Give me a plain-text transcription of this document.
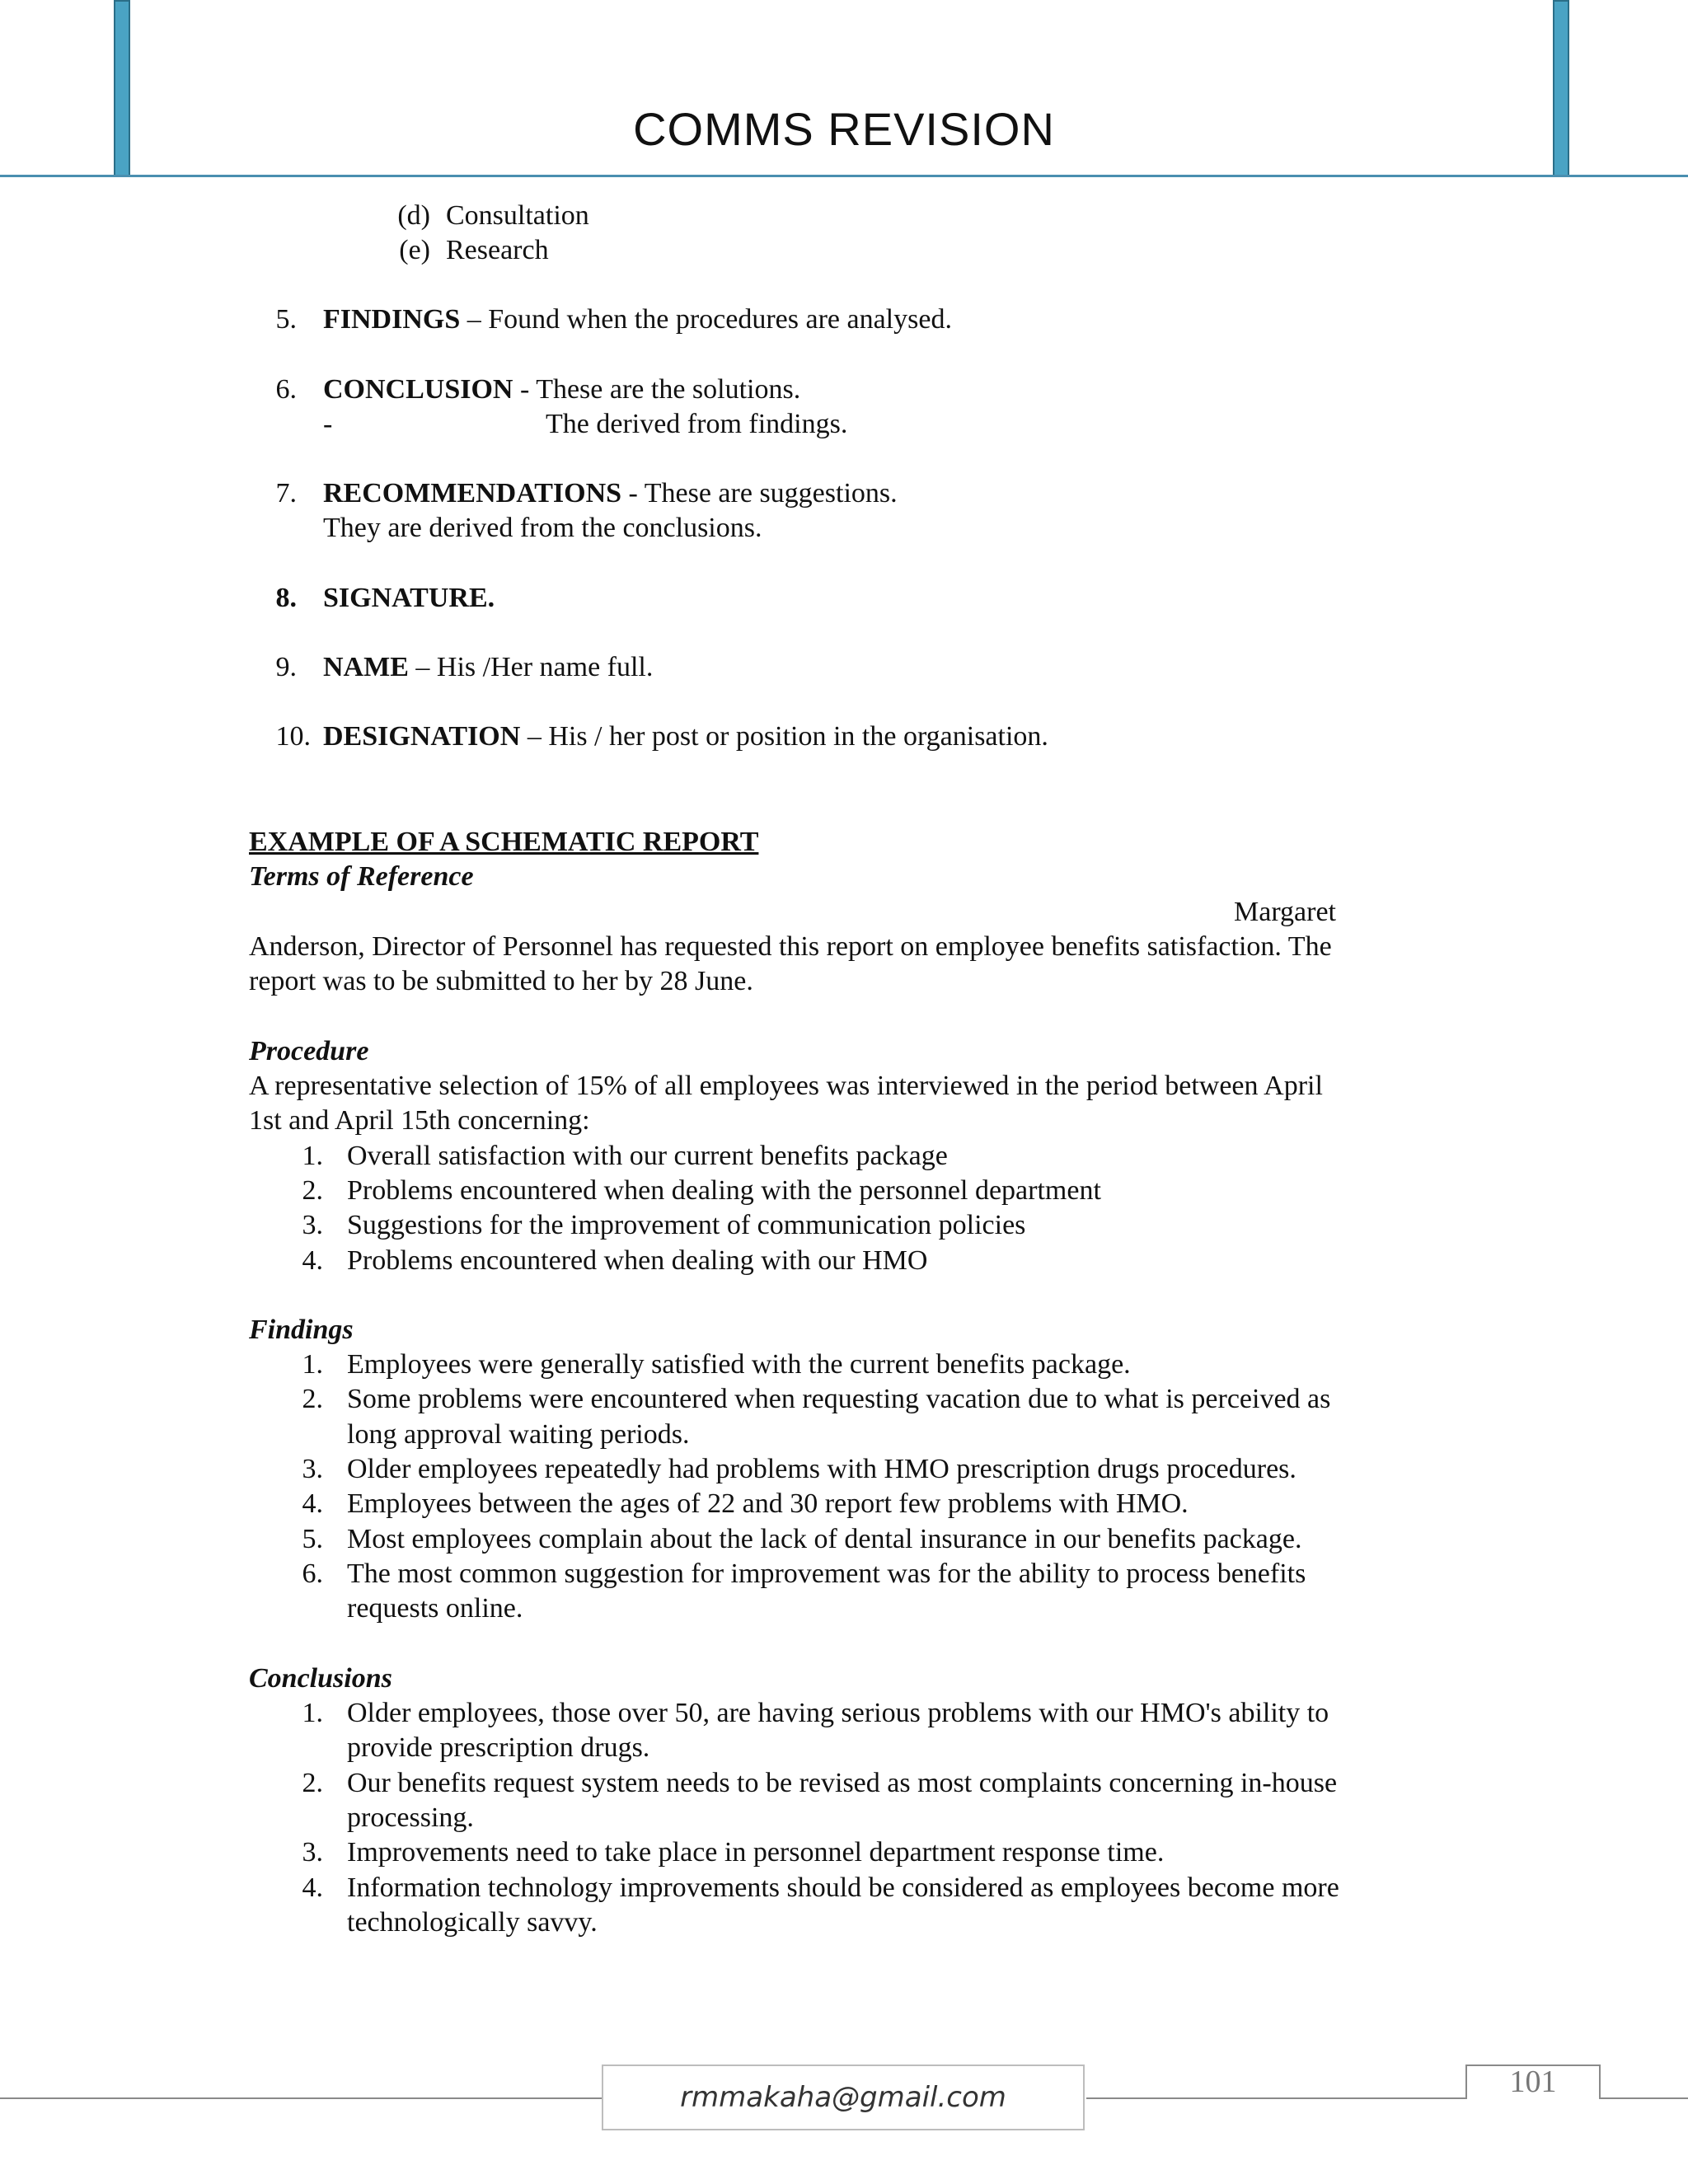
COMMS REVISION
(d) Consultation
(e) Research
5. FINDINGS – Found when the procedures are analysed.
6. CONCLUSION - These are the solutions.
-	The derived from findings.
7. RECOMMENDATIONS - These are suggestions.
They are derived from the conclusions.
8. SIGNATURE.
9. NAME – His /Her name full.
10. DESIGNATION – His / her post or position in the organisation.
EXAMPLE OF A SCHEMATIC REPORT
Terms of Reference
Margaret
Anderson, Director of Personnel has requested this report on employee benefits satisfaction. The
report was to be submitted to her by 28 June.
Procedure
A representative selection of 15% of all employees was interviewed in the period between April
1st and April 15th concerning:
1. Overall satisfaction with our current benefits package
2. Problems encountered when dealing with the personnel department
3. Suggestions for the improvement of communication policies
4. Problems encountered when dealing with our HMO
Findings
1. Employees were generally satisfied with the current benefits package.
2. Some problems were encountered when requesting vacation due to what is perceived as
long approval waiting periods.
3. Older employees repeatedly had problems with HMO prescription drugs procedures.
4. Employees between the ages of 22 and 30 report few problems with HMO.
5. Most employees complain about the lack of dental insurance in our benefits package.
6. The most common suggestion for improvement was for the ability to process benefits
requests online.
Conclusions
1. Older employees, those over 50, are having serious problems with our HMO's ability to
provide prescription drugs.
2. Our benefits request system needs to be revised as most complaints concerning in-house
processing.
3. Improvements need to take place in personnel department response time.
4. Information technology improvements should be considered as employees become more
technologically savvy.
rmmakaha@gmail.com	101
